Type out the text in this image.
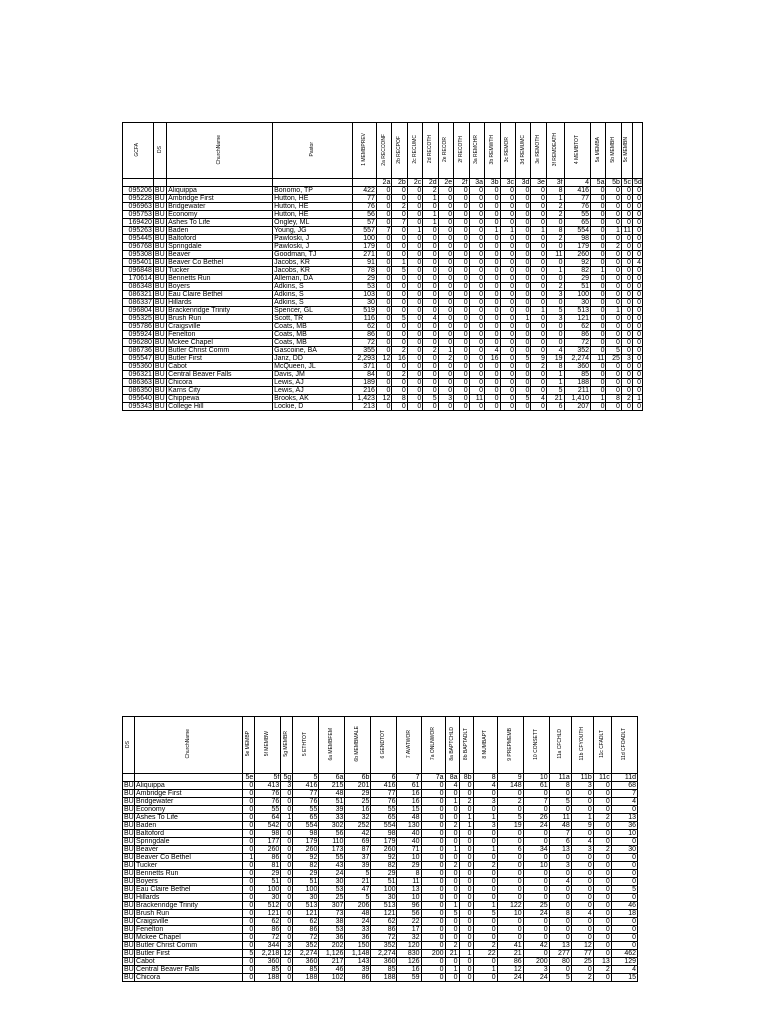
GCFA	DS	ChurchName	Pastor	1 MEMBPREV	2a RECCONF	2b RECPOF	2c RECUMC	2d RECOTH	2e RECOR	2f RECOTH	3a REMCHR	3b REMWTH	3c REMOR	3d REMUMC	3e REMOTH	3f REMDEATH	4 MEMBTOT	5a MEMBA	5b MEMBH	5c MEMBN	
					2a	2b	2c	2d	2e	2f	3a	3b	3c	3d	3e	3f	4	5a	5b	5c	5d
095206	BU	Aliquippa	Bonomo, TP	422	0	0	0	2	0	0	0	0	0	0	0	8	416	0	0	0	0
095228	BU	Ambridge First	Hutton, HE	77	0	0	0	1	0	0	0	0	0	0	0	1	77	0	0	0	0
096963	BU	Bridgewater	Hutton, HE	76	0	2	0	0	0	0	0	0	0	0	0	2	76	0	0	0	0
095753	BU	Economy	Hutton, HE	56	0	0	0	1	0	0	0	0	0	0	0	2	55	0	0	0	0
169420	BU	Ashes To Life	Ongley, ML	57	0	7	0	1	0	0	0	0	0	0	0	0	65	0	0	0	0
095263	BU	Baden	Young, JG	557	7	0	1	0	0	0	0	1	1	0	1	8	554	0	1	11	0
095445	BU	Baltoford	Pawloski, J	100	0	0	0	0	0	0	0	0	0	0	0	2	98	0	0	0	0
096768	BU	Springdale	Pawloski, J	179	0	0	0	0	0	0	0	0	0	0	0	0	179	0	2	0	0
095308	BU	Beaver	Goodman, TJ	271	0	0	0	0	0	0	0	0	0	0	0	11	260	0	0	0	0
095401	BU	Beaver Co Bethel	Jacobs, KR	91	0	1	0	0	0	0	0	0	0	0	0	0	92	0	0	0	4
096848	BU	Tucker	Jacobs, KR	78	0	5	0	0	0	0	0	0	0	0	0	1	82	1	0	0	0
170614	BU	Bennetts Run	Alleman, DA	29	0	0	0	0	0	0	0	0	0	0	0	0	29	0	0	0	0
086348	BU	Boyers	Adkins, S	53	0	0	0	0	0	0	0	0	0	0	0	2	51	0	0	0	0
086321	BU	Eau Claire Bethel	Adkins, S	103	0	0	0	0	0	0	0	0	0	0	0	3	100	0	0	0	0
086337	BU	Hillards	Adkins, S	30	0	0	0	0	0	0	0	0	0	0	0	0	30	0	0	0	0
096804	BU	Brackenridge Trinity	Spencer, GL	519	0	0	0	0	0	0	0	0	0	0	1	5	513	0	1	0	0
095325	BU	Brush Run	Scott, TR	116	0	5	0	4	0	0	0	0	0	1	0	3	121	0	0	0	0
095786	BU	Craigsville	Coats, MB	62	0	0	0	0	0	0	0	0	0	0	0	0	62	0	0	0	0
095924	BU	Fenelton	Coats, MB	86	0	0	0	0	0	0	0	0	0	0	0	0	86	0	0	0	0
096280	BU	Mckee Chapel	Coats, MB	72	0	0	0	0	0	0	0	0	0	0	0	0	72	0	0	0	0
086736	BU	Butler Christ Comm	Gascoine, BA	355	0	2	0	2	1	0	0	4	0	0	0	4	352	0	5	0	0
095547	BU	Butler First	Janz, DD	2,293	12	16	0	0	2	0	0	16	0	5	9	19	2,274	11	25	3	0
095360	BU	Cabot	McQueen, JL	371	0	0	0	0	0	0	0	0	0	0	2	8	360	0	0	0	0
096321	BU	Central Beaver Falls	Davis, JM	84	0	2	0	0	0	0	0	0	0	0	0	1	85	0	0	0	0
086363	BU	Chicora	Lewis, AJ	189	0	0	0	0	0	0	0	0	0	0	0	1	188	0	0	0	0
086350	BU	Karns City	Lewis, AJ	216	0	0	0	0	0	0	0	0	0	0	0	5	211	0	0	0	0
095640	BU	Chippewa	Brooks, AK	1,423	12	8	0	5	3	0	11	0	0	5	4	21	1,410	1	8	2	1
095343	BU	College Hill	Lockie, D	213	0	0	0	0	0	0	0	0	0	0	0	6	207	0	0	0	0
DS	ChurchName	5e MEMBP	5f MEMBW	5g MEMBR	5 ETHTOT	6a MEMBFEM	6b MEMBMALE	6 GENDTOT	7 AVATWOR	7a ONLNWOR	8a BAPTCHLD	8b BAPTADLT	8 NUMBAPT	9 PREPMEMB	10 CONSETT	11a CFCHLD	11b CFYOUTH	11c CFADLT	11d CFOADLT
		5e	5f	5g	5	6a	6b	6	7	7a	8a	8b	8	9	10	11a	11b	11c	11d
BU	Aliquippa	0	413	3	416	215	201	416	61	0	4	0	4	148	61	8	3	0	68
BU	Ambridge First	0	76	0	77	48	29	77	16	0	0	0	0	0	0	0	0	0	7
BU	Bridgewater	0	76	0	76	51	25	76	16	0	1	2	3	2	7	5	0	0	4
BU	Economy	0	55	0	55	39	16	55	15	0	0	0	0	0	0	0	0	0	0
BU	Ashes To Life	0	64	1	65	33	32	65	48	0	0	1	1	5	26	11	1	2	13
BU	Baden	0	542	0	554	302	252	554	130	0	2	1	3	19	24	48	9	0	36
BU	Baltoford	0	98	0	98	56	42	98	40	0	0	0	0	0	0	7	0	0	10
BU	Springdale	0	177	0	179	110	69	179	40	0	0	0	0	0	0	6	4	0	0
BU	Beaver	0	260	0	260	173	87	260	71	0	1	0	1	6	34	13	3	2	30
BU	Beaver Co Bethel	1	86	0	92	55	37	92	10	0	0	0	0	0	0	0	0	0	0
BU	Tucker	0	81	0	82	43	39	82	29	0	2	0	2	0	10	3	0	0	0
BU	Bennetts Run	0	29	0	29	24	5	29	8	0	0	0	0	0	0	0	0	0	0
BU	Boyers	0	51	0	51	30	21	51	11	0	0	0	0	0	0	4	0	0	0
BU	Eau Claire Bethel	0	100	0	100	53	47	100	13	0	0	0	0	0	0	0	0	0	5
BU	Hillards	0	30	0	30	25	5	30	10	0	0	0	0	0	0	0	0	0	0
BU	Brackenridge Trinity	0	512	0	513	307	206	513	96	0	1	0	1	122	25	0	0	0	46
BU	Brush Run	0	121	0	121	73	48	121	56	0	5	0	5	10	24	8	4	0	18
BU	Craigsville	0	62	0	62	38	24	62	22	0	0	0	0	0	0	0	0	0	0
BU	Fenelton	0	86	0	86	53	33	86	17	0	0	0	0	0	0	0	0	0	0
BU	Mckee Chapel	0	72	0	72	36	36	72	32	0	0	0	0	0	0	0	0	0	0
BU	Butler Christ Comm	0	344	3	352	202	150	352	120	0	2	0	2	41	42	13	12	0	0
BU	Butler First	5	2,218	12	2,274	1,126	1,148	2,274	830	200	21	1	22	21	0	277	77	0	462
BU	Cabot	0	360	0	360	217	143	360	126	0	0	0	0	86	200	80	25	13	129
BU	Central Beaver Falls	0	85	0	85	46	39	85	16	0	1	0	1	12	3	0	0	2	4
BU	Chicora	0	188	0	188	102	86	188	59	0	0	0	0	24	24	5	2	0	15
